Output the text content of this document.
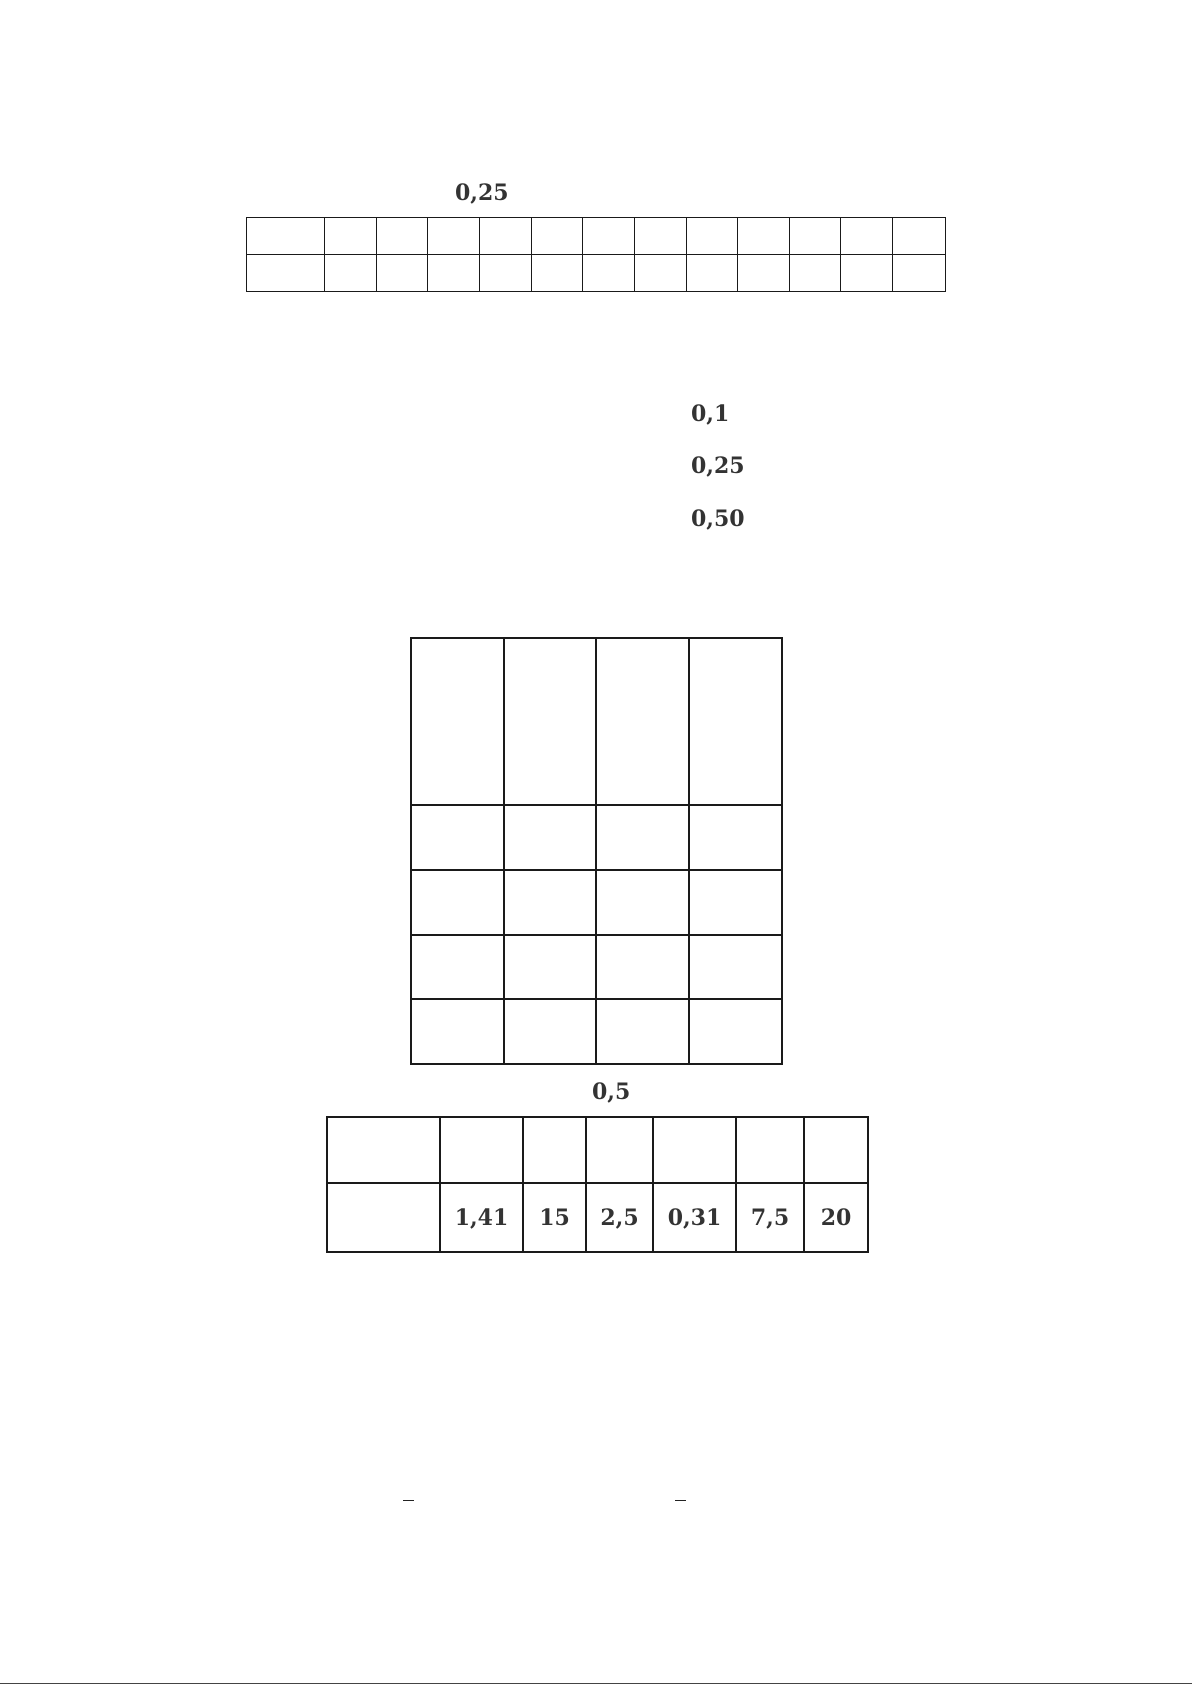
0,25

0,1
0,25
0,50

0,5

	1,41	15	2,5	0,31	7,5	20
